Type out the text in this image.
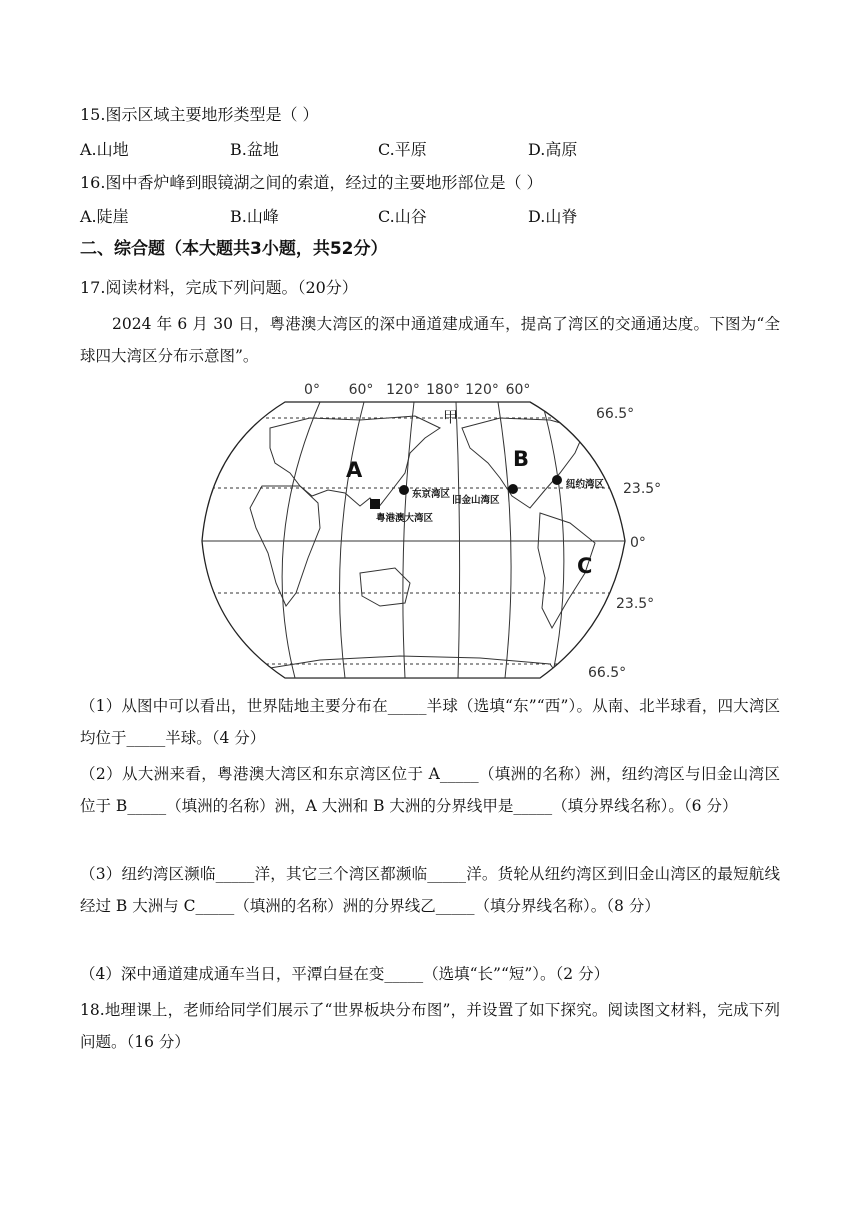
15.图示区域主要地形类型是（ ）
A.山地	B.盆地	C.平原	D.高原
16.图中香炉峰到眼镜湖之间的索道，经过的主要地形部位是（ ）
A.陡崖	B.山峰	C.山谷	D.山脊
二、综合题（本大题共3小题，共52分）
17.阅读材料，完成下列问题。（20分）
2024 年 6 月 30 日，粤港澳大湾区的深中通道建成通车，提高了湾区的交通通达度。下图为“全球四大湾区分布示意图”。
0° 60° 120° 180° 120° 60°
66.5°
23.5°
0°
23.5°
66.5°
A	B
C
甲
东京湾区
旧金山湾区
纽约湾区
粤港澳大湾区
（1）从图中可以看出，世界陆地主要分布在_____半球（选填“东”“西”）。从南、北半球看，四大湾区均位于_____半球。（4 分）
（2）从大洲来看，粤港澳大湾区和东京湾区位于 A_____（填洲的名称）洲，纽约湾区与旧金山湾区位于 B_____（填洲的名称）洲，A 大洲和 B 大洲的分界线甲是_____（填分界线名称）。（6 分）
（3）纽约湾区濒临_____洋，其它三个湾区都濒临_____洋。货轮从纽约湾区到旧金山湾区的最短航线经过 B 大洲与 C_____（填洲的名称）洲的分界线乙_____（填分界线名称）。（8 分）
（4）深中通道建成通车当日，平潭白昼在变_____（选填“长”“短”）。（2 分）
18.地理课上，老师给同学们展示了“世界板块分布图”，并设置了如下探究。阅读图文材料，完成下列问题。（16 分）
